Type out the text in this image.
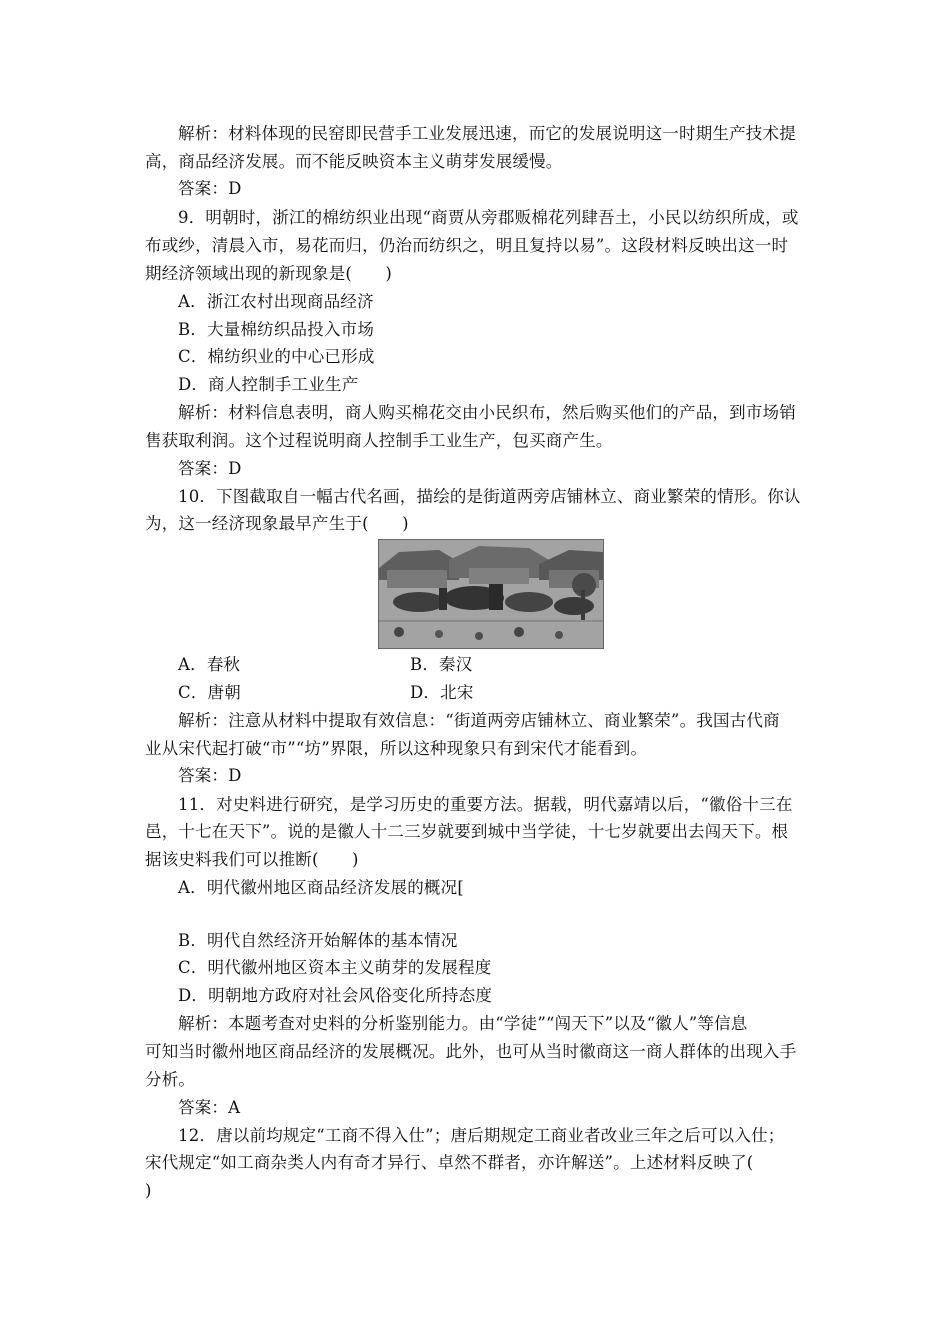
解析：材料体现的民窑即民营手工业发展迅速，而它的发展说明这一时期生产技术提
高，商品经济发展。而不能反映资本主义萌芽发展缓慢。
答案：D
9．明朝时，浙江的棉纺织业出现“商贾从旁郡贩棉花列肆吾土，小民以纺织所成，或
布或纱，清晨入市，易花而归，仍治而纺织之，明且复持以易”。这段材料反映出这一时
期经济领域出现的新现象是(　　)
A．浙江农村出现商品经济
B．大量棉纺织品投入市场
C．棉纺织业的中心已形成
D．商人控制手工业生产
解析：材料信息表明，商人购买棉花交由小民织布，然后购买他们的产品，到市场销
售获取利润。这个过程说明商人控制手工业生产，包买商产生。
答案：D
10．下图截取自一幅古代名画，描绘的是街道两旁店铺林立、商业繁荣的情形。你认
为，这一经济现象最早产生于(　　)
A．春秋	B．秦汉
C．唐朝	D．北宋
解析：注意从材料中提取有效信息：“街道两旁店铺林立、商业繁荣”。我国古代商
业从宋代起打破“市”“坊”界限，所以这种现象只有到宋代才能看到。
答案：D
11．对史料进行研究，是学习历史的重要方法。据载，明代嘉靖以后，“徽俗十三在
邑，十七在天下”。说的是徽人十二三岁就要到城中当学徒，十七岁就要出去闯天下。根
据该史料我们可以推断(　　)
A．明代徽州地区商品经济发展的概况[
B．明代自然经济开始解体的基本情况
C．明代徽州地区资本主义萌芽的发展程度
D．明朝地方政府对社会风俗变化所持态度
解析：本题考查对史料的分析鉴别能力。由“学徒”“闯天下”以及“徽人”等信息
可知当时徽州地区商品经济的发展概况。此外，也可从当时徽商这一商人群体的出现入手
分析。
答案：A
12．唐以前均规定“工商不得入仕”；唐后期规定工商业者改业三年之后可以入仕；
宋代规定“如工商杂类人内有奇才异行、卓然不群者，亦许解送”。上述材料反映了(
)
